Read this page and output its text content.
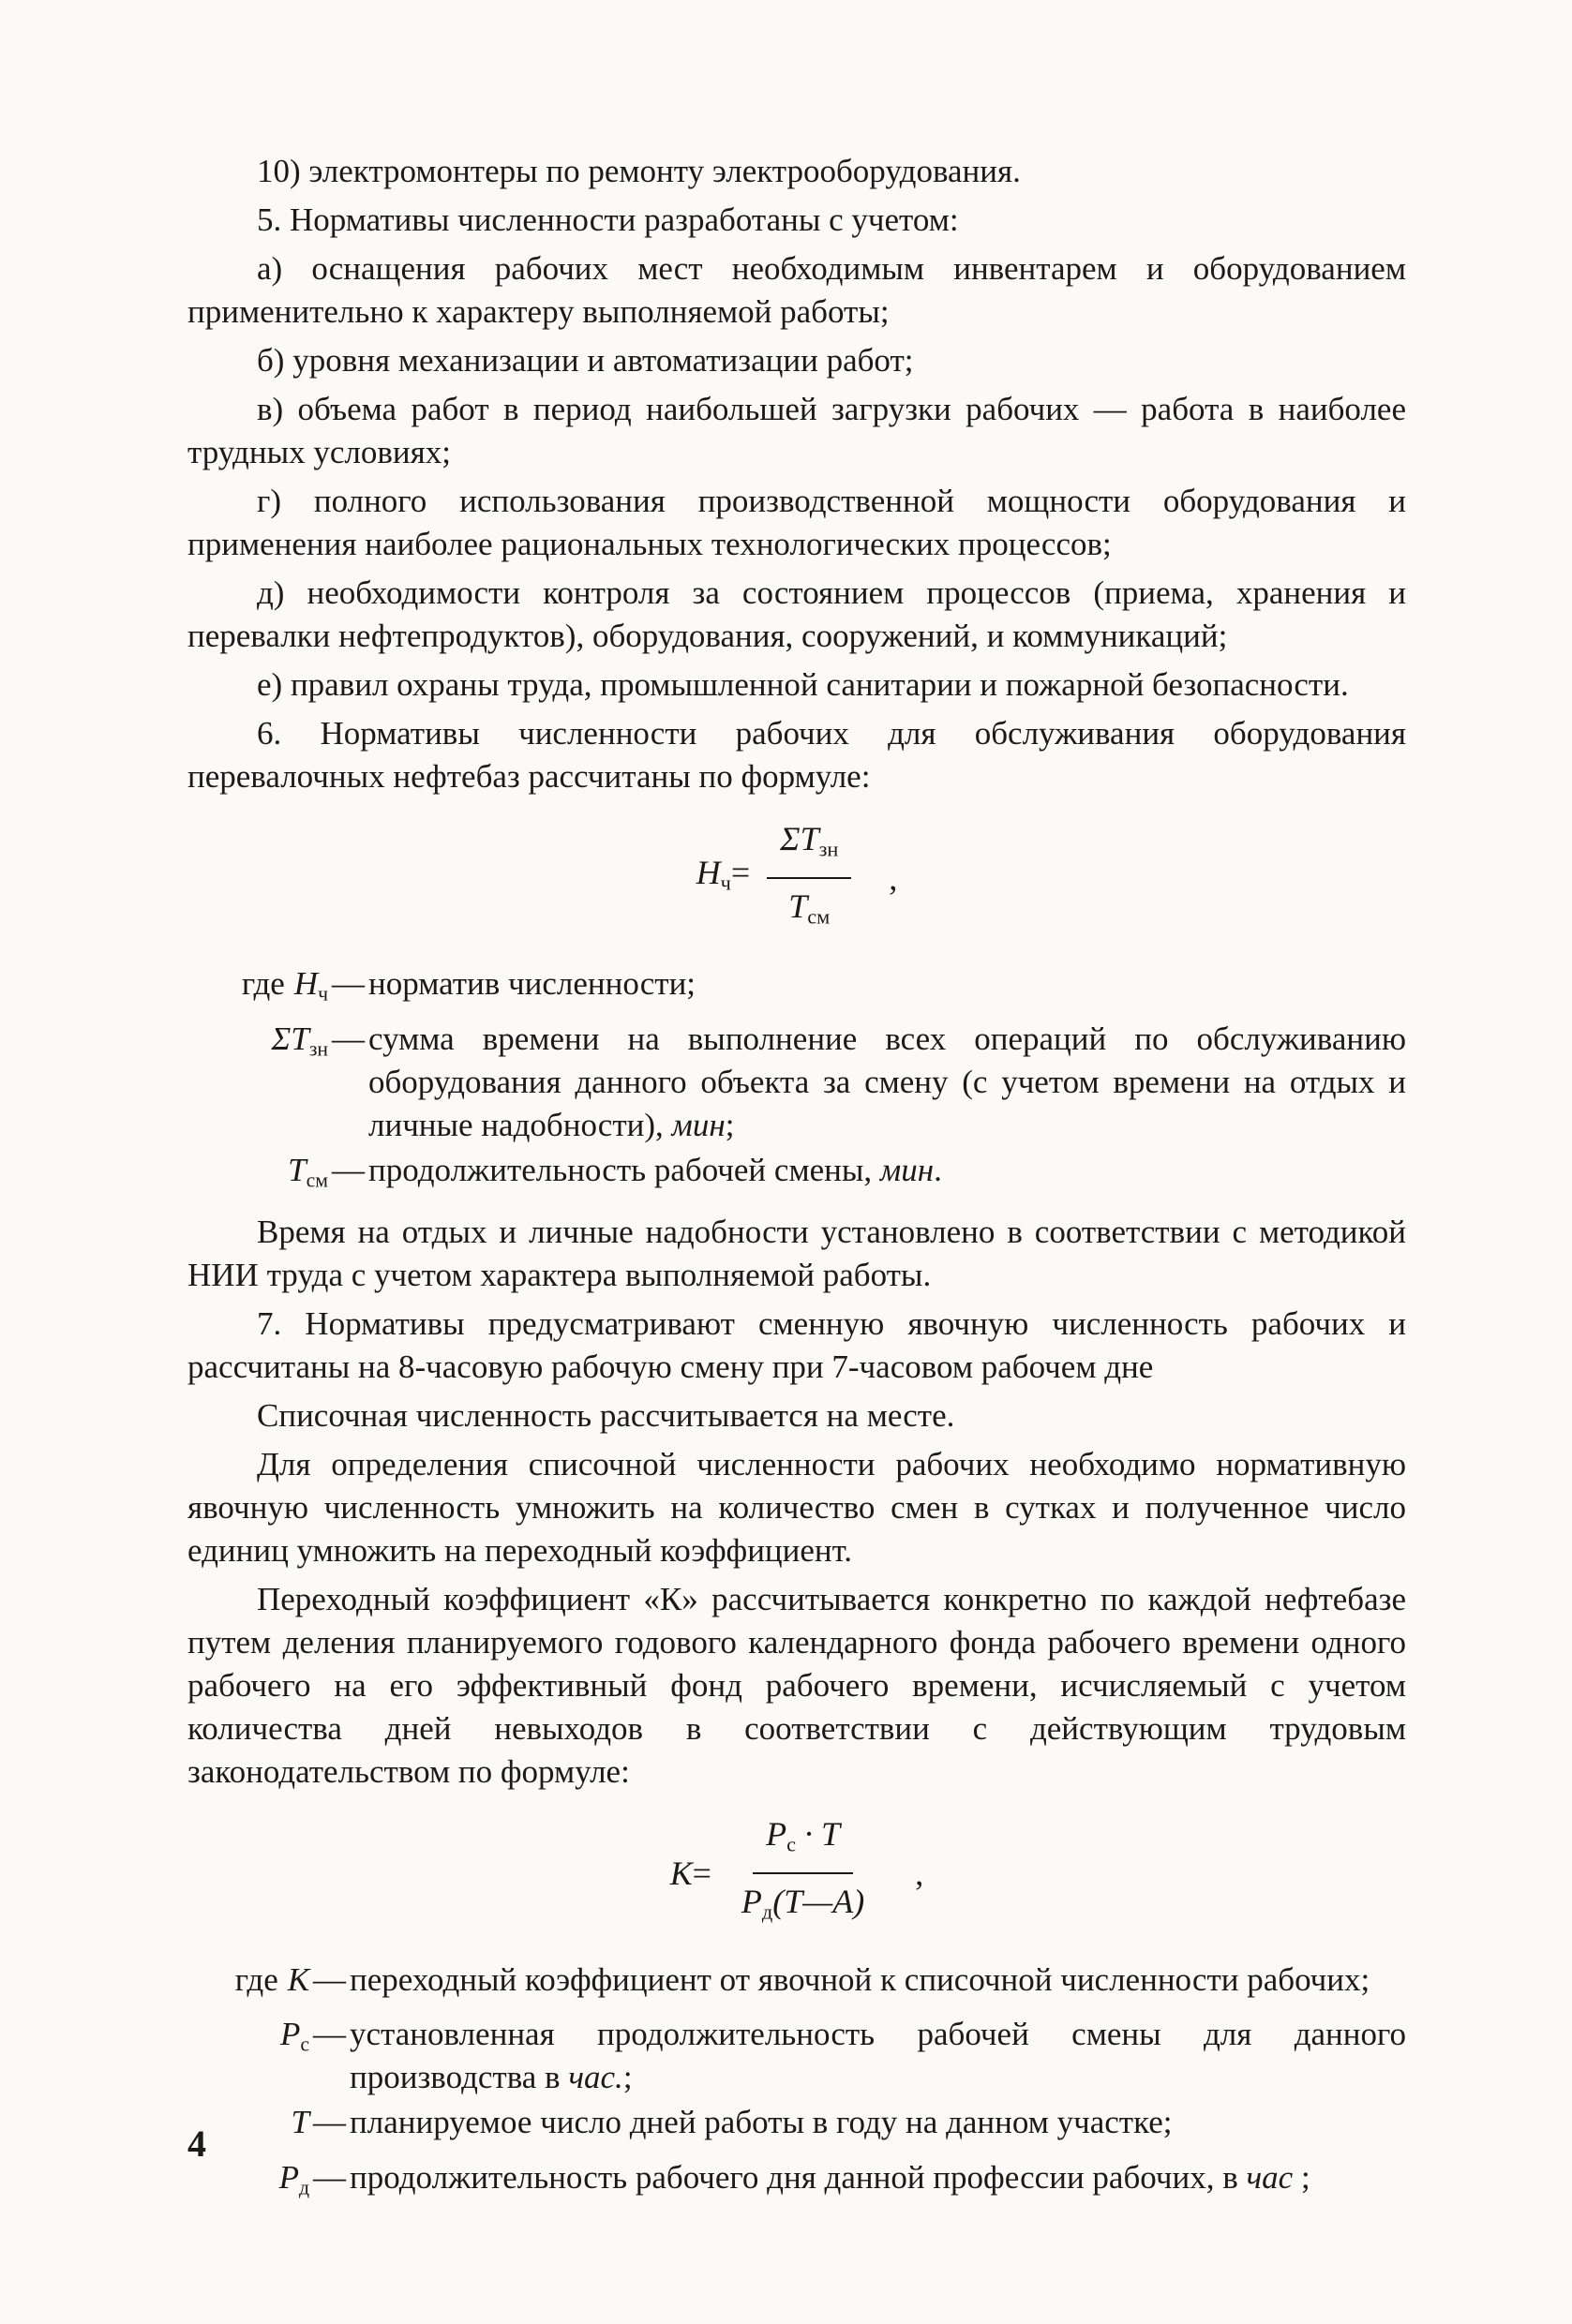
10) электромонтеры по ремонту электрооборудования.

5. Нормативы численности разработаны с учетом:

а) оснащения рабочих мест необходимым инвентарем и оборудованием применительно к характеру выполняемой работы;

б) уровня механизации и автоматизации работ;

в) объема работ в период наибольшей загрузки рабочих — работа в наиболее трудных условиях;

г) полного использования производственной мощности оборудования и применения наиболее рациональных технологических процессов;

д) необходимости контроля за состоянием процессов (приема, хранения и перевалки нефтепродуктов), оборудования, сооружений, и коммуникаций;

е) правил охраны труда, промышленной санитарии и пожарной безопасности.

6. Нормативы численности рабочих для обслуживания оборудования перевалочных нефтебаз рассчитаны по формуле:

$Н_ч= \frac{\Sigma Т_{зн}}{Т_{см}}$ ,
где $Н_ч$ — норматив численности;
$\Sigma Т_{зн}$ — сумма времени на выполнение всех операций по обслуживанию оборудования данного объекта за смену (с учетом времени на отдых и личные надобности), мин;
$Т_{см}$ — продолжительность рабочей смены, мин.

Время на отдых и личные надобности установлено в соответствии с методикой НИИ труда с учетом характера выполняемой работы.

7. Нормативы предусматривают сменную явочную численность рабочих и рассчитаны на 8-часовую рабочую смену при 7-часовом рабочем дне

Списочная численность рассчитывается на месте.

Для определения списочной численности рабочих необходимо нормативную явочную численность умножить на количество смен в сутках и полученное число единиц умножить на переходный коэффициент.

Переходный коэффициент «К» рассчитывается конкретно по каждой нефтебазе путем деления планируемого годового календарного фонда рабочего времени одного рабочего на его эффективный фонд рабочего времени, исчисляемый с учетом количества дней невыходов в соответствии с действующим трудовым законодательством по формуле:

$К= \frac{Р_с \cdot Т}{Р_д(Т—А)}$ ,
где К — переходный коэффициент от явочной к списочной численности рабочих;
$Р_с$ — установленная продолжительность рабочей смены для данного производства в час.;
Т — планируемое число дней работы в году на данном участке;
$Р_д$ — продолжительность рабочего дня данной профессии рабочих, в час ;
4
